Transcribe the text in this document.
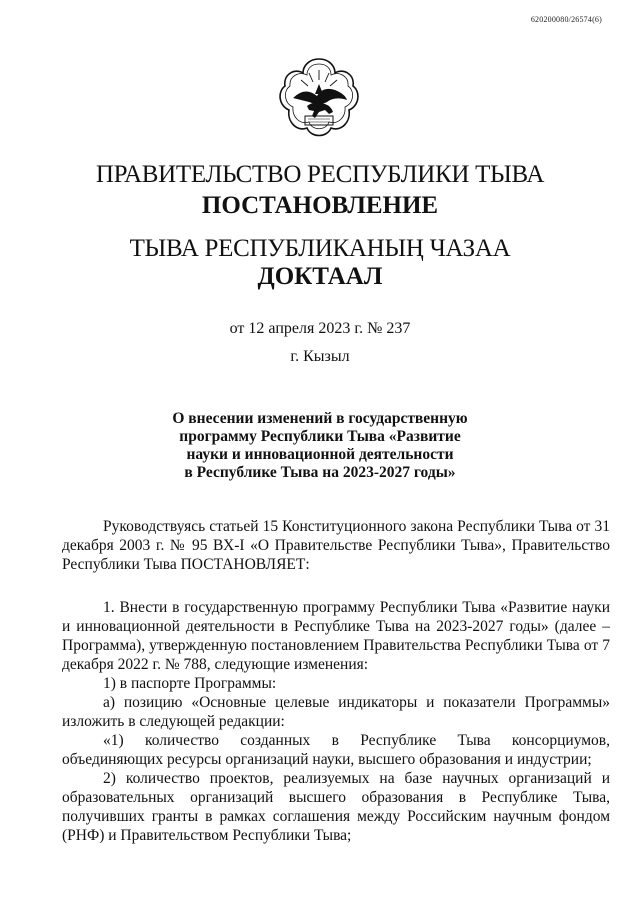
620200080/26574(6)
ПРАВИТЕЛЬСТВО РЕСПУБЛИКИ ТЫВА
ПОСТАНОВЛЕНИЕ
ТЫВА РЕСПУБЛИКАНЫҢ ЧАЗАА
ДОКТААЛ
от 12 апреля 2023 г. № 237
г. Кызыл
О внесении изменений в государственную
программу Республики Тыва «Развитие
науки и инновационной деятельности
в Республике Тыва на 2023-2027 годы»

Руководствуясь статьей 15 Конституционного закона Республики Тыва от 31 декабря 2003 г. № 95 ВХ-I «О Правительстве Республики Тыва», Правительство Республики Тыва ПОСТАНОВЛЯЕТ:

1. Внести в государственную программу Республики Тыва «Развитие науки и инновационной деятельности в Республике Тыва на 2023-2027 годы» (далее – Программа), утвержденную постановлением Правительства Республики Тыва от 7 декабря 2022 г. № 788, следующие изменения:

1) в паспорте Программы:

а) позицию «Основные целевые индикаторы и показатели Программы» изложить в следующей редакции:

«1) количество созданных в Республике Тыва консорциумов, объединяющих ресурсы организаций науки, высшего образования и индустрии;

2) количество проектов, реализуемых на базе научных организаций и образовательных организаций высшего образования в Республике Тыва, получивших гранты в рамках соглашения между Российским научным фондом (РНФ) и Правительством Республики Тыва;
